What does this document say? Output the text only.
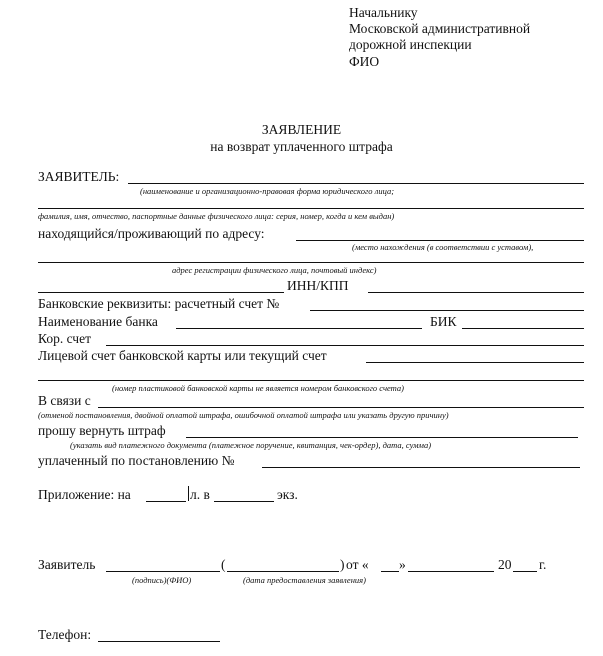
Начальнику
Московской административной
дорожной инспекции
ФИО
ЗАЯВЛЕНИЕ
на возврат уплаченного штрафа
ЗАЯВИТЕЛЬ:
(наименование и организационно-правовая форма юридического лица;
фамилия, имя, отчество, паспортные данные физического лица: серия, номер, когда и кем выдан)
находящийся/проживающий по адресу:
(место нахождения (в соответствии с уставом),
адрес регистрации физического лица, почтовый индекс)
ИНН/КПП
Банковские реквизиты: расчетный счет №
Наименование банка	БИК
Кор. счет
Лицевой счет банковской карты или текущий счет
(номер пластиковой банковской карты не является номером банковского счета)
В связи с
(отменой постановления, двойной оплатой штрафа, ошибочной оплатой штрафа или указать другую причину)
прошу вернуть штраф
(указать вид платежного документа (платежное поручение, квитанция, чек-ордер), дата, сумма)
уплаченный по постановлению №
Приложение: на	л. в	экз.
Заявитель	(	) от « »	20 г.
(подпись)(ФИО)	(дата предоставления заявления)
Телефон:
